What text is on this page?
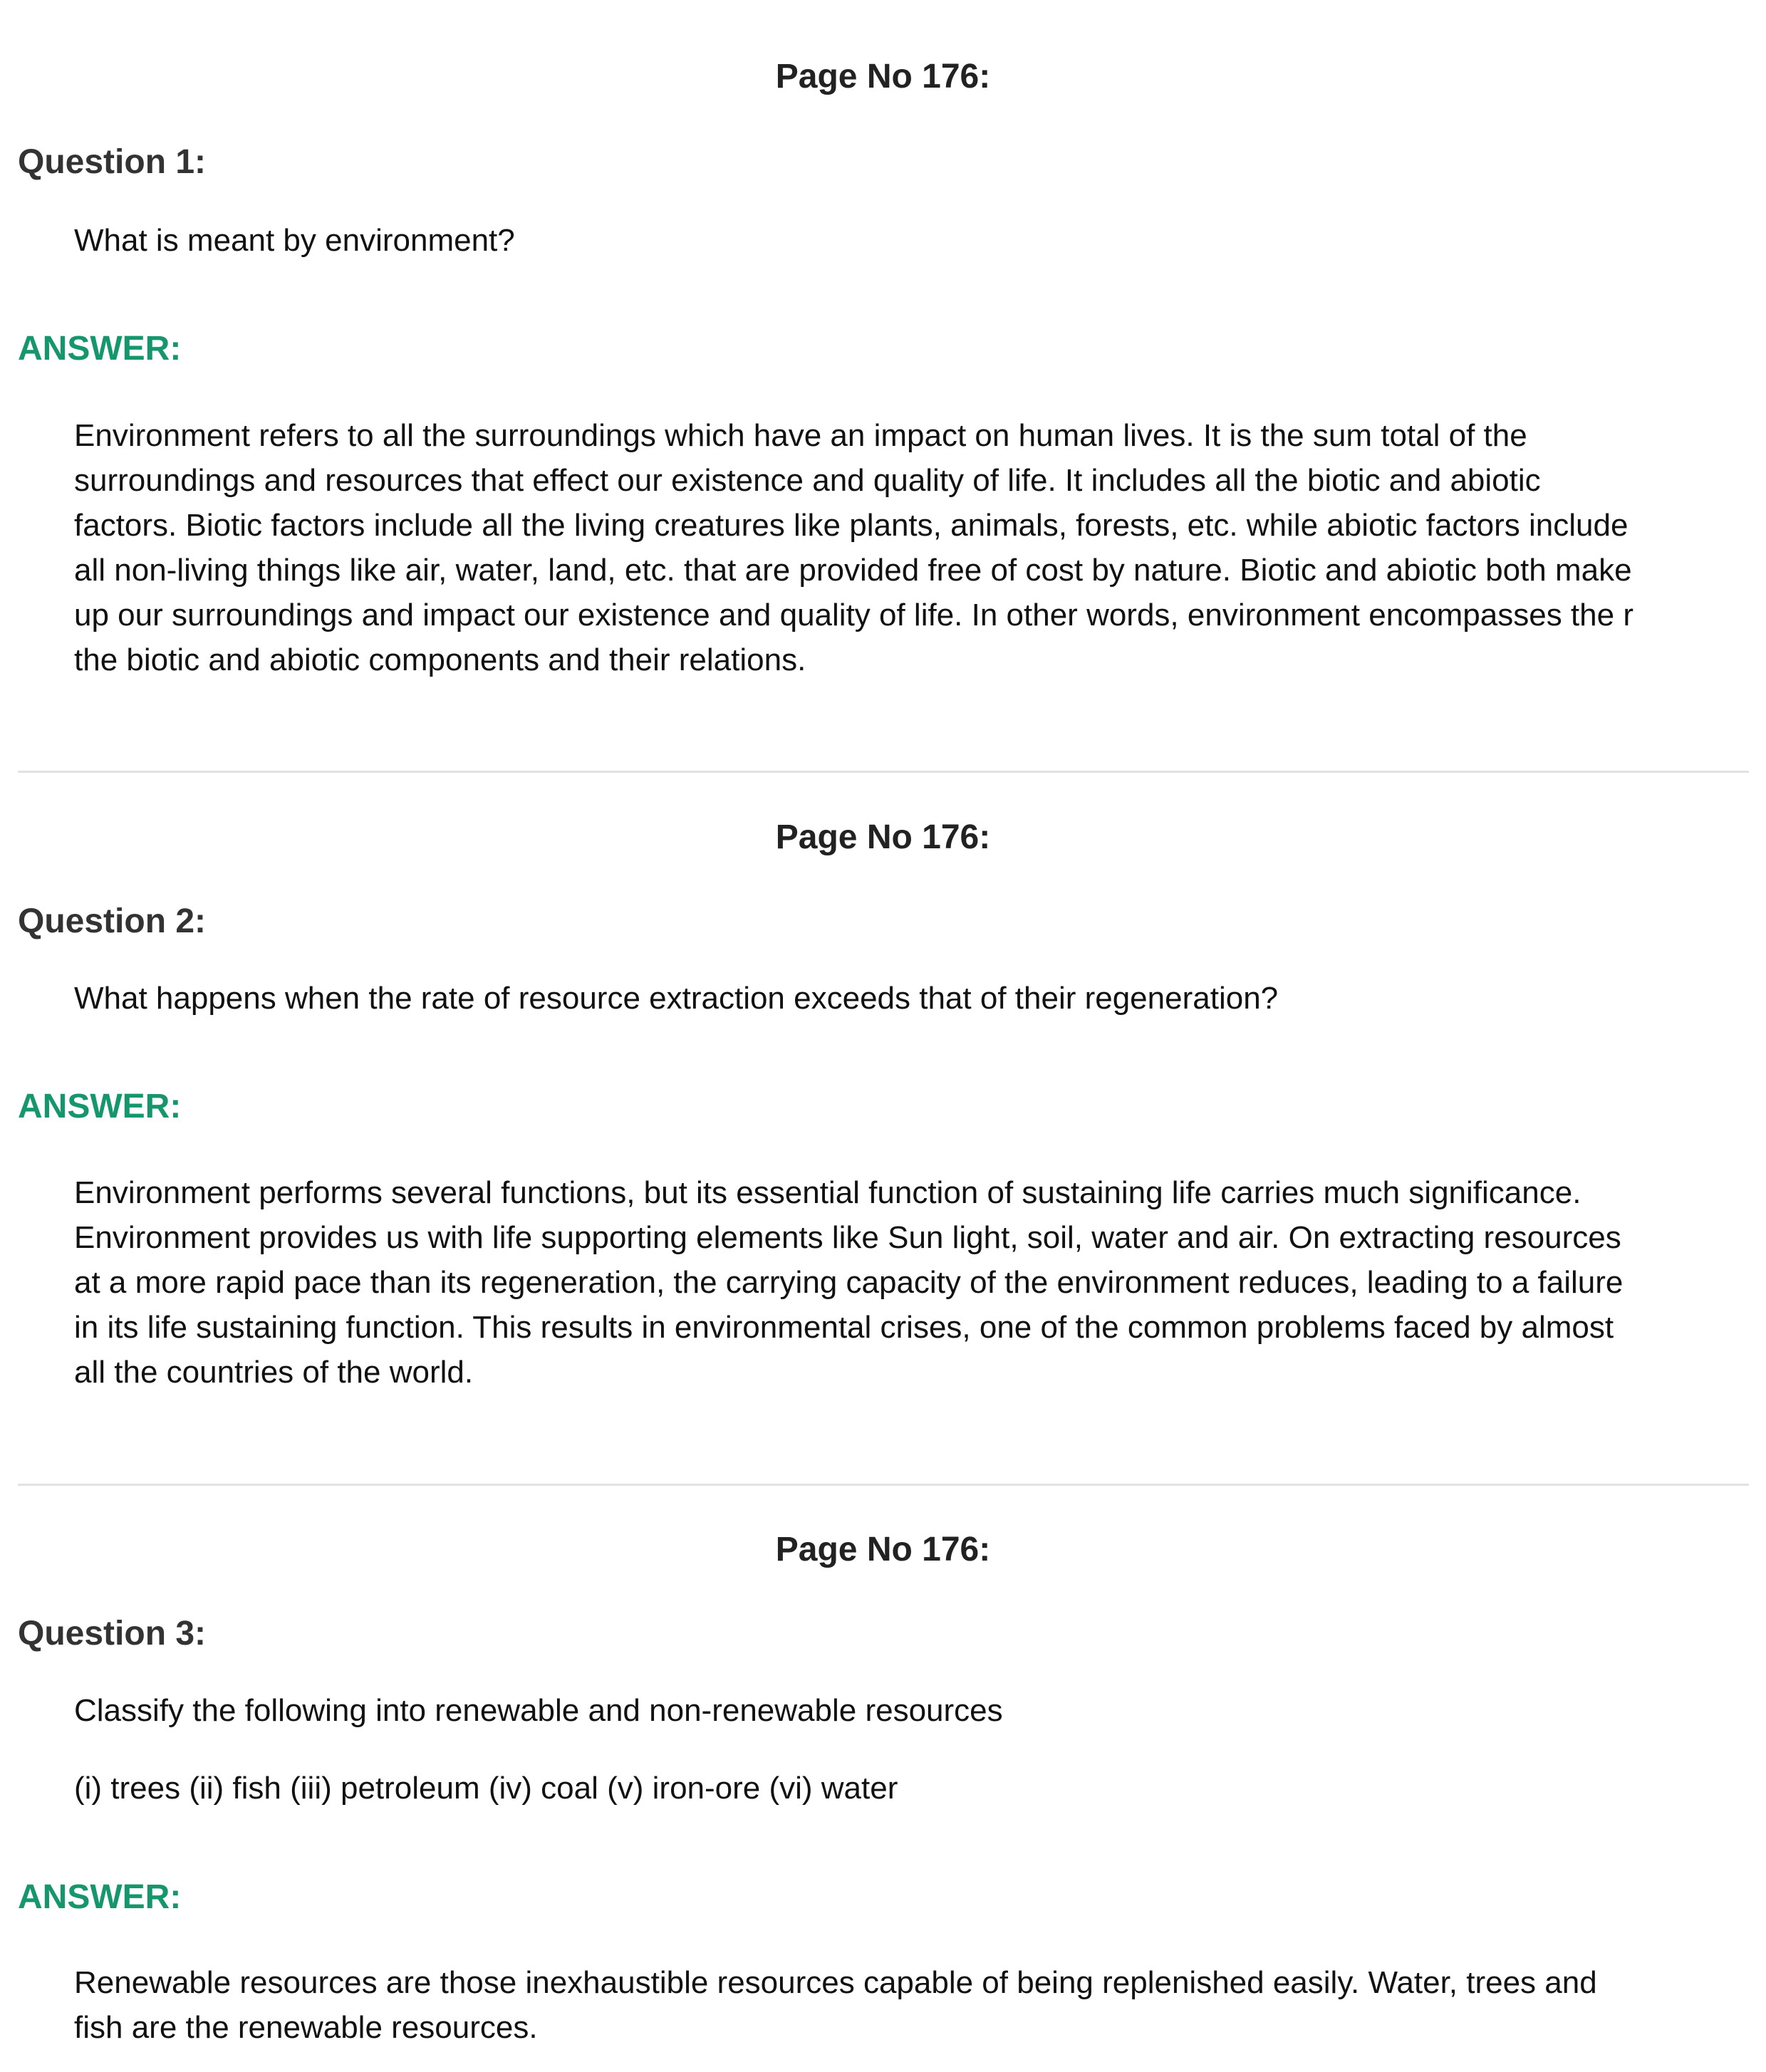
Page No 176:
Question 1:
What is meant by environment?
ANSWER:
Environment refers to all the surroundings which have an impact on human lives. It is the sum total of the
surroundings and resources that effect our existence and quality of life. It includes all the biotic and abiotic
factors. Biotic factors include all the living creatures like plants, animals, forests, etc. while abiotic factors include
all non-living things like air, water, land, etc. that are provided free of cost by nature. Biotic and abiotic both make
up our surroundings and impact our existence and quality of life. In other words, environment encompasses the r
the biotic and abiotic components and their relations.
Page No 176:
Question 2:
What happens when the rate of resource extraction exceeds that of their regeneration?
ANSWER:
Environment performs several functions, but its essential function of sustaining life carries much significance.
Environment provides us with life supporting elements like Sun light, soil, water and air. On extracting resources
at a more rapid pace than its regeneration, the carrying capacity of the environment reduces, leading to a failure
in its life sustaining function. This results in environmental crises, one of the common problems faced by almost
all the countries of the world.
Page No 176:
Question 3:
Classify the following into renewable and non-renewable resources
(i) trees (ii) fish (iii) petroleum (iv) coal (v) iron-ore (vi) water
ANSWER:
Renewable resources are those inexhaustible resources capable of being replenished easily. Water, trees and
fish are the renewable resources.
